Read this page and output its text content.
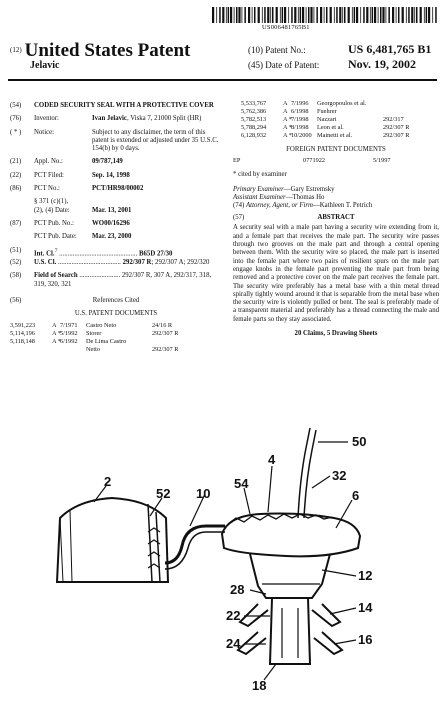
US006481765B1
$^{(12)}$ United States Patent
Jelavic
(10) Patent No.:	US 6,481,765 B1
(45) Date of Patent: Nov. 19, 2002
(54)	CODED SECURITY SEAL WITH A PROTECTIVE COVER
(76)	Inventor:	Ivan Jelavic, Viska 7, 21000 Split (HR)
( * )	Notice:	Subject to any disclaimer, the term of this patent is extended or adjusted under 35 U.S.C. 154(b) by 0 days.
(21)	Appl. No.:	09/787,149
(22)	PCT Filed:	Sep. 14, 1998
(86)	PCT No.:	PCT/HR98/00002
§ 371 (c)(1),
(2), (4) Date:	Mar. 13, 2001
(87)	PCT Pub. No.:	WO00/16296
PCT Pub. Date: Mar. 23, 2000
(51)	Int. Cl.$^7$ .............................................. B65D 27/30
(52)	U.S. Cl. ..................................... 292/307 R; 292/307 A; 292/320
(58)	Field of Search ........................ 292/307 R, 307 A, 292/317, 318, 319, 320, 321
(56)	References Cited
U.S. PATENT DOCUMENTS
3,591,223	A 7/1971 Castro Neto	24/16 R
5,114,196	A *5/1992 Storer	292/307 R
5,118,148	A *6/1992 De Lima Castro
Netto	292/307 R
5,533,767	A 7/1996 Georgopoulos et al.
5,762,386	A 6/1998 Fuehrer
5,782,513	A *7/1998 Nazzari	292/317
5,788,294	A *8/1998 Leon et al.	292/307 R
6,128,932	A *10/2000 Mainetti et al.	292/307 R
FOREIGN PATENT DOCUMENTS
EP	0771922	5/1997
* cited by examiner
Primary Examiner—Gary Estremsky
Assistant Examiner—Thomas Ho
(74) Attorney, Agent, or Firm—Kathleen T. Petrich
(57)	ABSTRACT
A security seal with a male part having a security wire extending from it, and a female part that receives the male part. The security wire passes through two grooves on the male part and through a central opening between them. With the security wire so placed, the male part is inserted into the female part where two pairs of resilient spurs on the male part engage knobs in the female part preventing the male part from being removed and a protective cover on the male part receives the female part. The security wire preferably has a metal base with a thin metal thread spirally tightly wound around it that is separable from the metal base when the security wire is violently pulled or bent. The seal is preferably made of a transparent material and preferably has a thread connecting the male and female parts so they stay associated.
20 Claims, 5 Drawing Sheets
50
4
32
54
2
52 10	6
12
28
22
14
24	16
18
